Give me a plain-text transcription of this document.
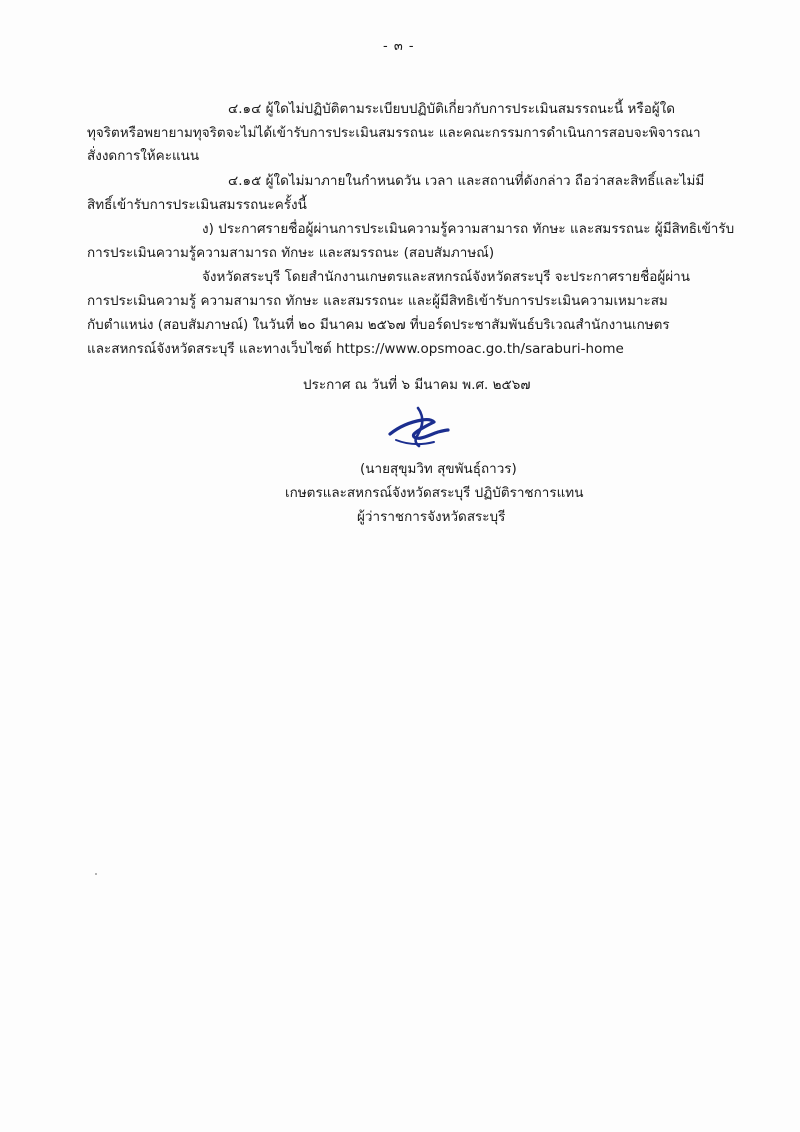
- ๓ -
๔.๑๔ ผู้ใดไม่ปฏิบัติตามระเบียบปฏิบัติเกี่ยวกับการประเมินสมรรถนะนี้ หรือผู้ใด
ทุจริตหรือพยายามทุจริตจะไม่ได้เข้ารับการประเมินสมรรถนะ และคณะกรรมการดำเนินการสอบจะพิจารณา
สั่งงดการให้คะแนน
๔.๑๕ ผู้ใดไม่มาภายในกำหนดวัน เวลา และสถานที่ดังกล่าว ถือว่าสละสิทธิ์และไม่มี
สิทธิ์เข้ารับการประเมินสมรรถนะครั้งนี้
ง) ประกาศรายชื่อผู้ผ่านการประเมินความรู้ความสามารถ ทักษะ และสมรรถนะ ผู้มีสิทธิเข้ารับ
การประเมินความรู้ความสามารถ ทักษะ และสมรรถนะ (สอบสัมภาษณ์)
จังหวัดสระบุรี โดยสำนักงานเกษตรและสหกรณ์จังหวัดสระบุรี จะประกาศรายชื่อผู้ผ่าน
การประเมินความรู้ ความสามารถ ทักษะ และสมรรถนะ และผู้มีสิทธิเข้ารับการประเมินความเหมาะสม
กับตำแหน่ง (สอบสัมภาษณ์) ในวันที่ ๒๐ มีนาคม ๒๕๖๗ ที่บอร์ดประชาสัมพันธ์บริเวณสำนักงานเกษตร
และสหกรณ์จังหวัดสระบุรี และทางเว็บไซต์ https://www.opsmoac.go.th/saraburi-home
ประกาศ ณ วันที่ ๖ มีนาคม พ.ศ. ๒๕๖๗
(นายสุขุมวิท สุขพันธุ์ถาวร)
เกษตรและสหกรณ์จังหวัดสระบุรี ปฏิบัติราชการแทน
ผู้ว่าราชการจังหวัดสระบุรี
